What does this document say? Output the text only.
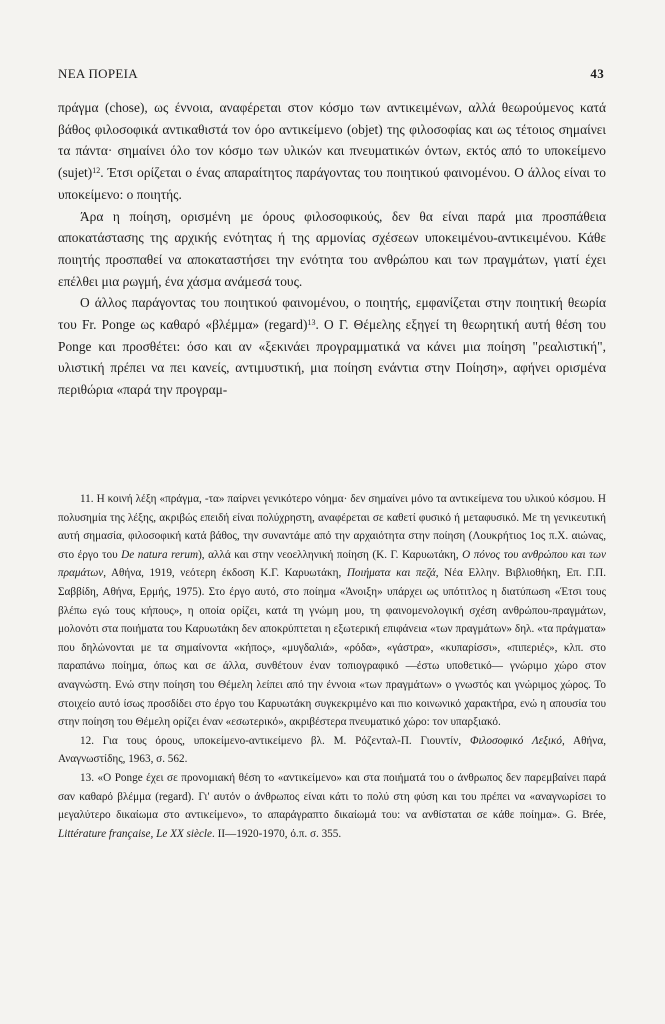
ΝΕΑ ΠΟΡΕΙΑ	43

πράγμα (chose), ως έννοια, αναφέρεται στον κόσμο των αντικειμένων, αλλά θεωρούμενος κατά βάθος φιλοσοφικά αντικαθιστά τον όρο αντικείμενο (objet) της φιλοσοφίας και ως τέτοιος σημαίνει τα πάντα· σημαίνει όλο τον κόσμο των υλικών και πνευματικών όντων, εκτός από το υποκείμενο (sujet)$^{12}$. Έτσι ορίζεται ο ένας απαραίτητος παράγοντας του ποιητικού φαινομένου. Ο άλλος είναι το υποκείμενο: ο ποιητής.

Άρα η ποίηση, ορισμένη με όρους φιλοσοφικούς, δεν θα είναι παρά μια προσπάθεια αποκατάστασης της αρχικής ενότητας ή της αρμονίας σχέσεων υποκειμένου-αντικειμένου. Κάθε ποιητής προσπαθεί να αποκαταστήσει την ενότητα του ανθρώπου και των πραγμάτων, γιατί έχει επέλθει μια ρωγμή, ένα χάσμα ανάμεσά τους.

Ο άλλος παράγοντας του ποιητικού φαινομένου, ο ποιητής, εμφανίζεται στην ποιητική θεωρία του Fr. Ponge ως καθαρό «βλέμμα» (regard)$^{13}$. Ο Γ. Θέμελης εξηγεί τη θεωρητική αυτή θέση του Ponge και προσθέτει: όσο και αν «ξεκινάει προγραμματικά να κάνει μια ποίηση "ρεαλιστική", υλιστική πρέπει να πει κανείς, αντιμυστική, μια ποίηση ενάντια στην Ποίηση», αφήνει ορισμένα περιθώρια «παρά την προγραμ-

11. Η κοινή λέξη «πράγμα, -τα» παίρνει γενικότερο νόημα· δεν σημαίνει μόνο τα αντικείμενα του υλικού κόσμου. Η πολυσημία της λέξης, ακριβώς επειδή είναι πολύχρηστη, αναφέρεται σε καθετί φυσικό ή μεταφυσικό. Με τη γενικευτική αυτή σημασία, φιλοσοφική κατά βάθος, την συναντάμε από την αρχαιότητα στην ποίηση (Λουκρήτιος 1ος π.Χ. αιώνας, στο έργο του De natura rerum), αλλά και στην νεοελληνική ποίηση (Κ. Γ. Καρυωτάκη, Ο πόνος του ανθρώπου και των πραμάτων, Αθήνα, 1919, νεότερη έκδοση Κ.Γ. Καρυωτάκη, Ποιήματα και πεζά, Νέα Ελλην. Βιβλιοθήκη, Επ. Γ.Π. Σαββίδη, Αθήνα, Ερμής, 1975). Στο έργο αυτό, στο ποίημα «Άνοιξη» υπάρχει ως υπότιτλος η διατύπωση «Έτσι τους βλέπω εγώ τους κήπους», η οποία ορίζει, κατά τη γνώμη μου, τη φαινομενολογική σχέση ανθρώπου-πραγμάτων, μολονότι στα ποιήματα του Καρυωτάκη δεν αποκρύπτεται η εξωτερική επιφάνεια «των πραγμάτων» δηλ. «τα πράγματα» που δηλώνονται με τα σημαίνοντα «κήπος», «μυγδαλιά», «ρόδα», «γάστρα», «κυπαρίσσι», «πιπεριές», κλπ. στο παραπάνω ποίημα, όπως και σε άλλα, συνθέτουν έναν τοπιογραφικό —έστω υποθετικό— γνώριμο χώρο στον αναγνώστη. Ενώ στην ποίηση του Θέμελη λείπει από την έννοια «των πραγμάτων» ο γνωστός και γνώριμος χώρος. Το στοιχείο αυτό ίσως προσδίδει στο έργο του Καρυωτάκη συγκεκριμένο και πιο κοινωνικό χαρακτήρα, ενώ η απουσία του στην ποίηση του Θέμελη ορίζει έναν «εσωτερικό», ακριβέστερα πνευματικό χώρο: τον υπαρξιακό.

12. Για τους όρους, υποκείμενο-αντικείμενο βλ. Μ. Ρόζενταλ-Π. Γιουντίν, Φιλοσοφικό Λεξικό, Αθήνα, Αναγνωστίδης, 1963, σ. 562.

13. «Ο Ponge έχει σε προνομιακή θέση το «αντικείμενο» και στα ποιήματά του ο άνθρωπος δεν παρεμβαίνει παρά σαν καθαρό βλέμμα (regard). Γι' αυτόν ο άνθρωπος είναι κάτι το πολύ στη φύση και του πρέπει να «αναγνωρίσει το μεγαλύτερο δικαίωμα στο αντικείμενο», το απαράγραπτο δικαίωμά του: να ανθίσταται σε κάθε ποίημα». G. Brée, Littérature française, Le XX siècle. II—1920-1970, ό.π. σ. 355.
